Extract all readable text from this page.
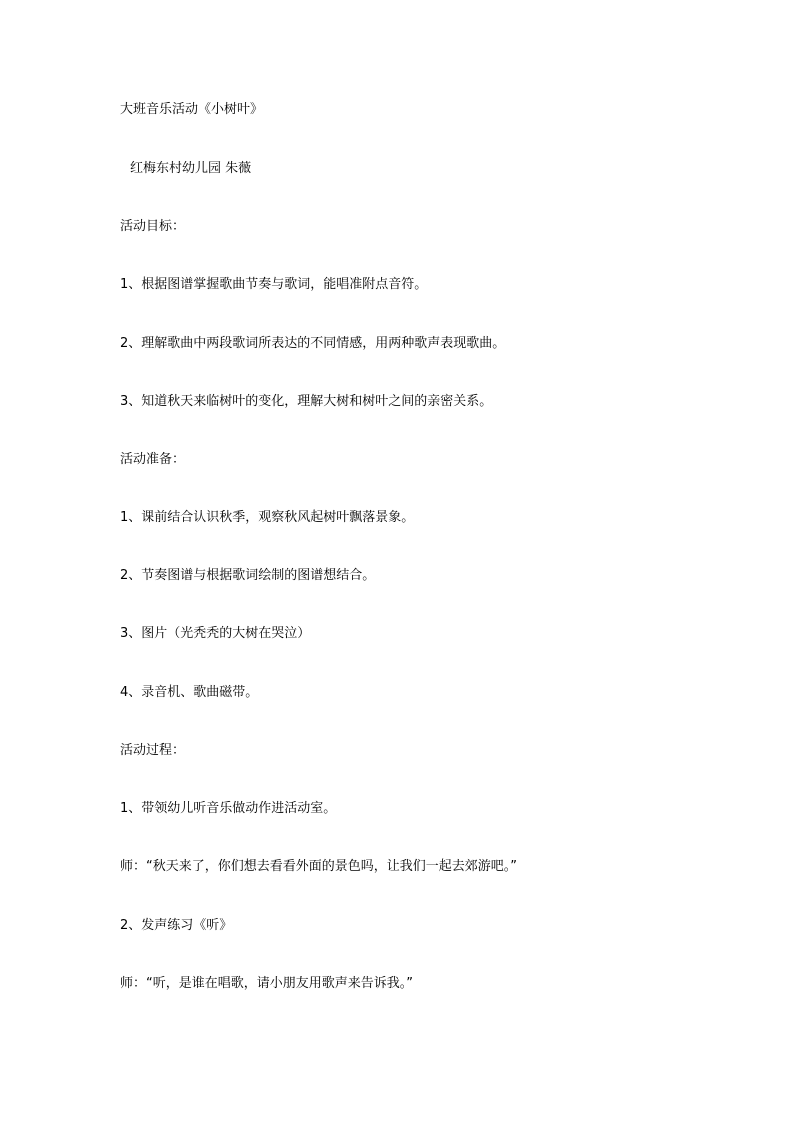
大班音乐活动《小树叶》
红梅东村幼儿园 朱薇
活动目标：
1、根据图谱掌握歌曲节奏与歌词，能唱准附点音符。
2、理解歌曲中两段歌词所表达的不同情感，用两种歌声表现歌曲。
3、知道秋天来临树叶的变化，理解大树和树叶之间的亲密关系。
活动准备：
1、课前结合认识秋季，观察秋风起树叶飘落景象。
2、节奏图谱与根据歌词绘制的图谱想结合。
3、图片（光秃秃的大树在哭泣）
4、录音机、歌曲磁带。
活动过程：
1、带领幼儿听音乐做动作进活动室。
师：“秋天来了，你们想去看看外面的景色吗，让我们一起去郊游吧。”
2、发声练习《听》
师：“听，是谁在唱歌，请小朋友用歌声来告诉我。”
